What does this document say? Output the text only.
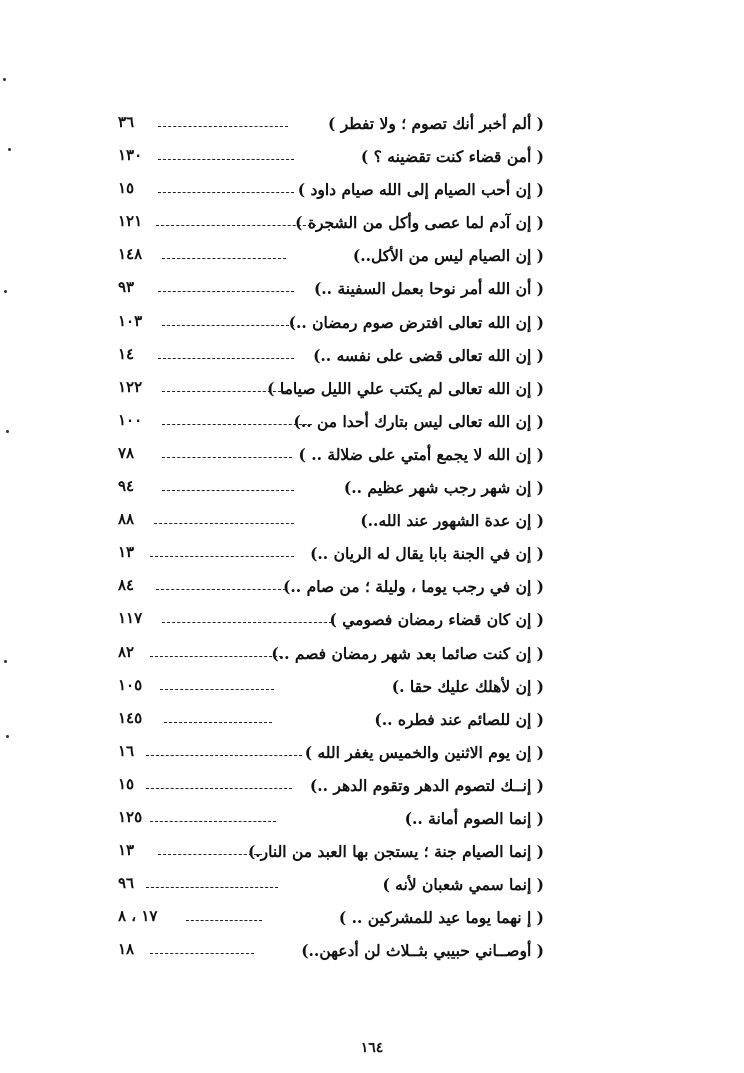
( ألم أخبر أنك تصوم ؛ ولا تفطر )
٣٦
( أمن قضاء كنت تقضينه ؟ )
١٣٠
( إن أحب الصيام إلى الله صيام داود )
١٥
( إن آدم لما عصى وأكل من الشجرة )
١٢١
( إن الصيام ليس من الأكل..)
١٤٨
( أن الله أمر نوحا بعمل السفينة ..)
٩٣
( إن الله تعالى افترض صوم رمضان ..)
١٠٣
( إن الله تعالى قضى على نفسه ..)
١٤
( إن الله تعالى لم يكتب علي الليل صياما )
١٢٢
( إن الله تعالى ليس بتارك أحدا من ..)
١٠٠
( إن الله لا يجمع أمتي على ضلالة .. )
٧٨
( إن شهر رجب شهر عظيم ..)
٩٤
( إن عدة الشهور عند الله..)
٨٨
( إن في الجنة بابا يقال له الريان ..)
١٣
( إن في رجب يوما ، وليلة ؛ من صام ..)
٨٤
( إن كان قضاء رمضان فصومي )
١١٧
( إن كنت صائما بعد شهر رمضان فصم ..)
٨٢
( إن لأهلك عليك حقا .)
١٠٥
( إن للصائم عند فطره ..)
١٤٥
( إن يوم الاثنين والخميس يغفر الله )
١٦
( إنــك لتصوم الدهر وتقوم الدهر ..)
١٥
( إنما الصوم أمانة ..)
١٢٥
( إنما الصيام جنة ؛ يستجن بها العبد من النار.)
١٣
( إنما سمي شعبان لأنه )
٩٦
( إ نهما يوما عيد للمشركين .. )
١٧ ، ٨
( أوصــاني حبيبي بثــلاث لن أدعهن..)
١٨
١٦٤
